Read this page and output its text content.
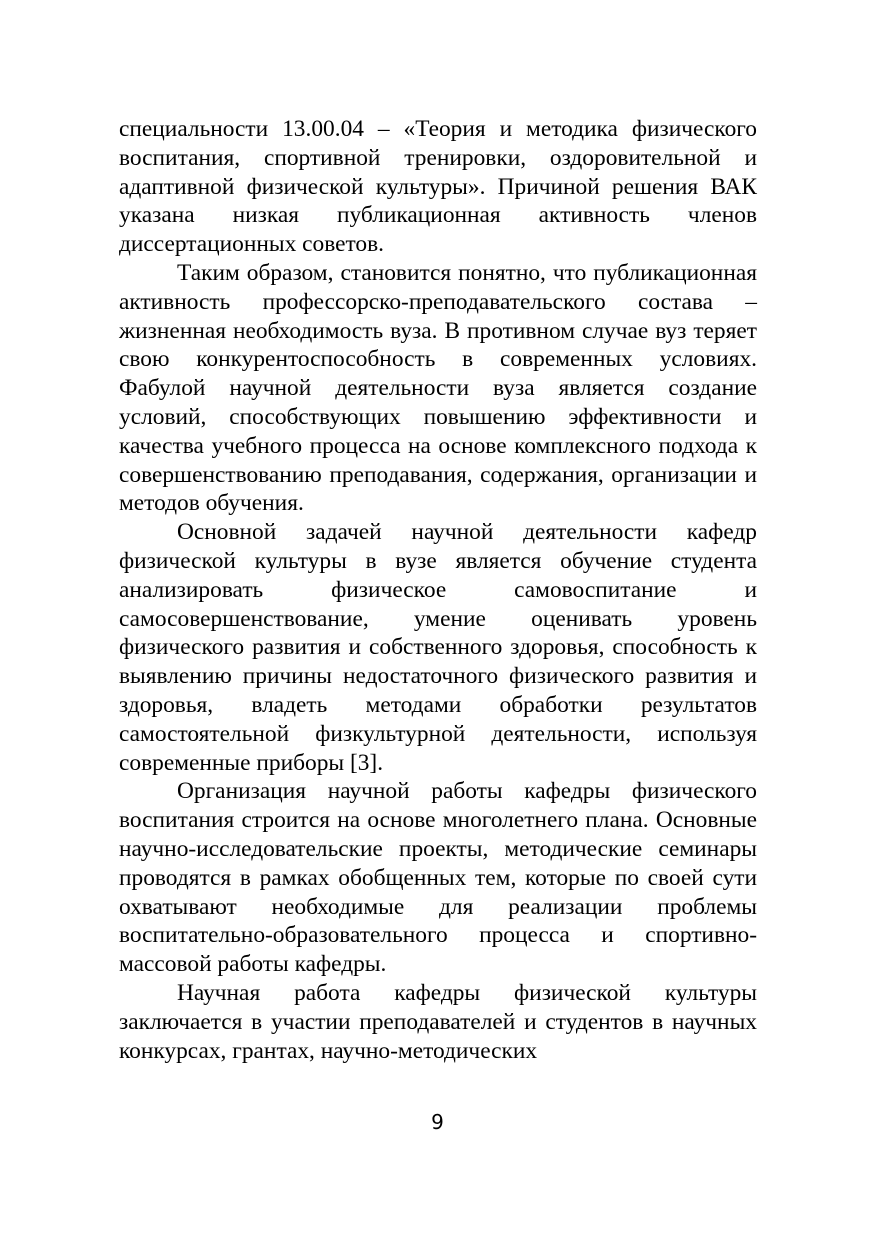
специальности 13.00.04 – «Теория и методика физического воспитания, спортивной тренировки, оздоровительной и адаптивной физической культуры». Причиной решения ВАК указана низкая публикационная активность членов диссертационных советов.

Таким образом, становится понятно, что публикационная активность профессорско-преподавательского состава – жизненная необходимость вуза. В противном случае вуз теряет свою конкурентоспособность в современных условиях. Фабулой научной деятельности вуза является создание условий, способствующих повышению эффективности и качества учебного процесса на основе комплексного подхода к совершенствованию преподавания, содержания, организации и методов обучения.

Основной задачей научной деятельности кафедр физической культуры в вузе является обучение студента анализировать физическое самовоспитание и самосовершенствование, умение оценивать уровень физического развития и собственного здоровья, способность к выявлению причины недостаточного физического развития и здоровья, владеть методами обработки результатов самостоятельной физкультурной деятельности, используя современные приборы [3].

Организация научной работы кафедры физического воспитания строится на основе многолетнего плана. Основные научно-исследовательские проекты, методические семинары проводятся в рамках обобщенных тем, которые по своей сути охватывают необходимые для реализации проблемы воспитательно-образовательного процесса и спортивно-массовой работы кафедры.

Научная работа кафедры физической культуры заключается в участии преподавателей и студентов в научных конкурсах, грантах, научно-методических

9
